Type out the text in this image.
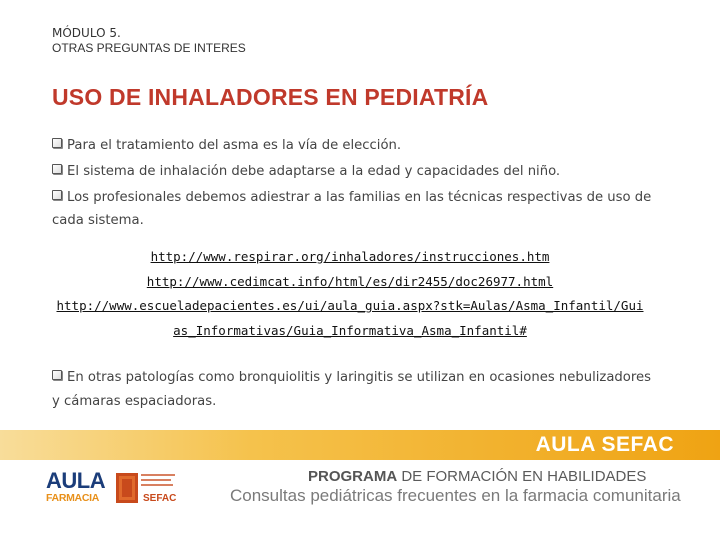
MÓDULO 5.
OTRAS PREGUNTAS DE INTERES
USO DE INHALADORES EN PEDIATRÍA
Para el tratamiento del asma es la vía de elección.
El sistema de inhalación debe adaptarse a la edad y capacidades del niño.
Los profesionales debemos adiestrar a las familias en las técnicas respectivas de uso de cada sistema.
http://www.respirar.org/inhaladores/instrucciones.htm
http://www.cedimcat.info/html/es/dir2455/doc26977.html
http://www.escueladepacientes.es/ui/aula_guia.aspx?stk=Aulas/Asma_Infantil/Gui
as_Informativas/Guia_Informativa_Asma_Infantil#
En otras patologías como bronquiolitis y laringitis se utilizan en ocasiones nebulizadores y cámaras espaciadoras.
AULA SEFAC
AULA
FARMACIA	SEFAC
PROGRAMA DE FORMACIÓN EN HABILIDADES
Consultas pediátricas frecuentes en la farmacia comunitaria
